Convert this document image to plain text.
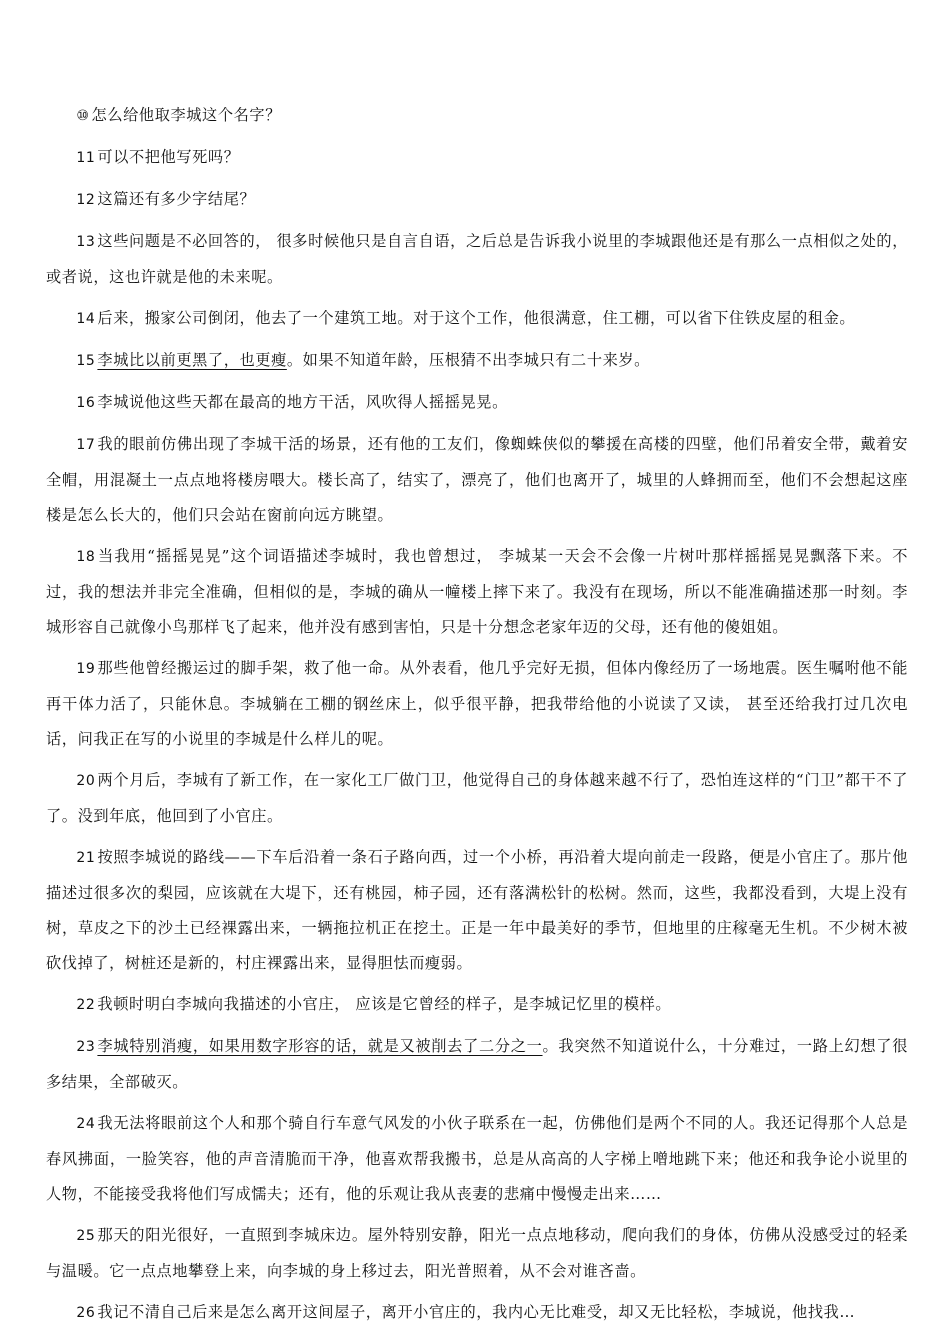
⑩ 怎么给他取李城这个名字？

11 可以不把他写死吗？

12 这篇还有多少字结尾？

13 这些问题是不必回答的， 很多时候他只是自言自语，之后总是告诉我小说里的李城跟他还是有那么一点相似之处的，或者说，这也许就是他的未来呢。

14 后来，搬家公司倒闭，他去了一个建筑工地。对于这个工作，他很满意，住工棚，可以省下住铁皮屋的租金。

15 李城比以前更黑了，也更瘦。如果不知道年龄，压根猜不出李城只有二十来岁。

16 李城说他这些天都在最高的地方干活，风吹得人摇摇晃晃。

17 我的眼前仿佛出现了李城干活的场景，还有他的工友们，像蜘蛛侠似的攀援在高楼的四壁，他们吊着安全带，戴着安全帽，用混凝土一点点地将楼房喂大。楼长高了，结实了，漂亮了，他们也离开了，城里的人蜂拥而至，他们不会想起这座楼是怎么长大的，他们只会站在窗前向远方眺望。

18 当我用“摇摇晃晃”这个词语描述李城时，我也曾想过， 李城某一天会不会像一片树叶那样摇摇晃晃飘落下来。不过，我的想法并非完全准确，但相似的是，李城的确从一幢楼上摔下来了。我没有在现场，所以不能准确描述那一时刻。李城形容自己就像小鸟那样飞了起来，他并没有感到害怕，只是十分想念老家年迈的父母，还有他的傻姐姐。

19 那些他曾经搬运过的脚手架，救了他一命。从外表看，他几乎完好无损，但体内像经历了一场地震。医生嘱咐他不能再干体力活了，只能休息。李城躺在工棚的钢丝床上，似乎很平静，把我带给他的小说读了又读， 甚至还给我打过几次电话，问我正在写的小说里的李城是什么样儿的呢。

20 两个月后，李城有了新工作，在一家化工厂做门卫，他觉得自己的身体越来越不行了，恐怕连这样的“门卫”都干不了了。没到年底，他回到了小官庄。

21 按照李城说的路线——下车后沿着一条石子路向西，过一个小桥，再沿着大堤向前走一段路，便是小官庄了。那片他描述过很多次的梨园，应该就在大堤下，还有桃园，柿子园，还有落满松针的松树。然而，这些，我都没看到，大堤上没有树，草皮之下的沙土已经裸露出来，一辆拖拉机正在挖土。正是一年中最美好的季节，但地里的庄稼毫无生机。不少树木被砍伐掉了，树桩还是新的，村庄裸露出来，显得胆怯而瘦弱。

22 我顿时明白李城向我描述的小官庄， 应该是它曾经的样子，是李城记忆里的模样。

23 李城特别消瘦，如果用数字形容的话，就是又被削去了二分之一。我突然不知道说什么，十分难过，一路上幻想了很多结果，全部破灭。

24 我无法将眼前这个人和那个骑自行车意气风发的小伙子联系在一起，仿佛他们是两个不同的人。我还记得那个人总是春风拂面，一脸笑容，他的声音清脆而干净，他喜欢帮我搬书，总是从高高的人字梯上噌地跳下来；他还和我争论小说里的人物，不能接受我将他们写成懦夫；还有，他的乐观让我从丧妻的悲痛中慢慢走出来……

25 那天的阳光很好，一直照到李城床边。屋外特别安静，阳光一点点地移动，爬向我们的身体，仿佛从没感受过的轻柔与温暖。它一点点地攀登上来，向李城的身上移过去，阳光普照着，从不会对谁吝啬。

26 我记不清自己后来是怎么离开这间屋子，离开小官庄的，我内心无比难受，却又无比轻松，李城说，他找我…
